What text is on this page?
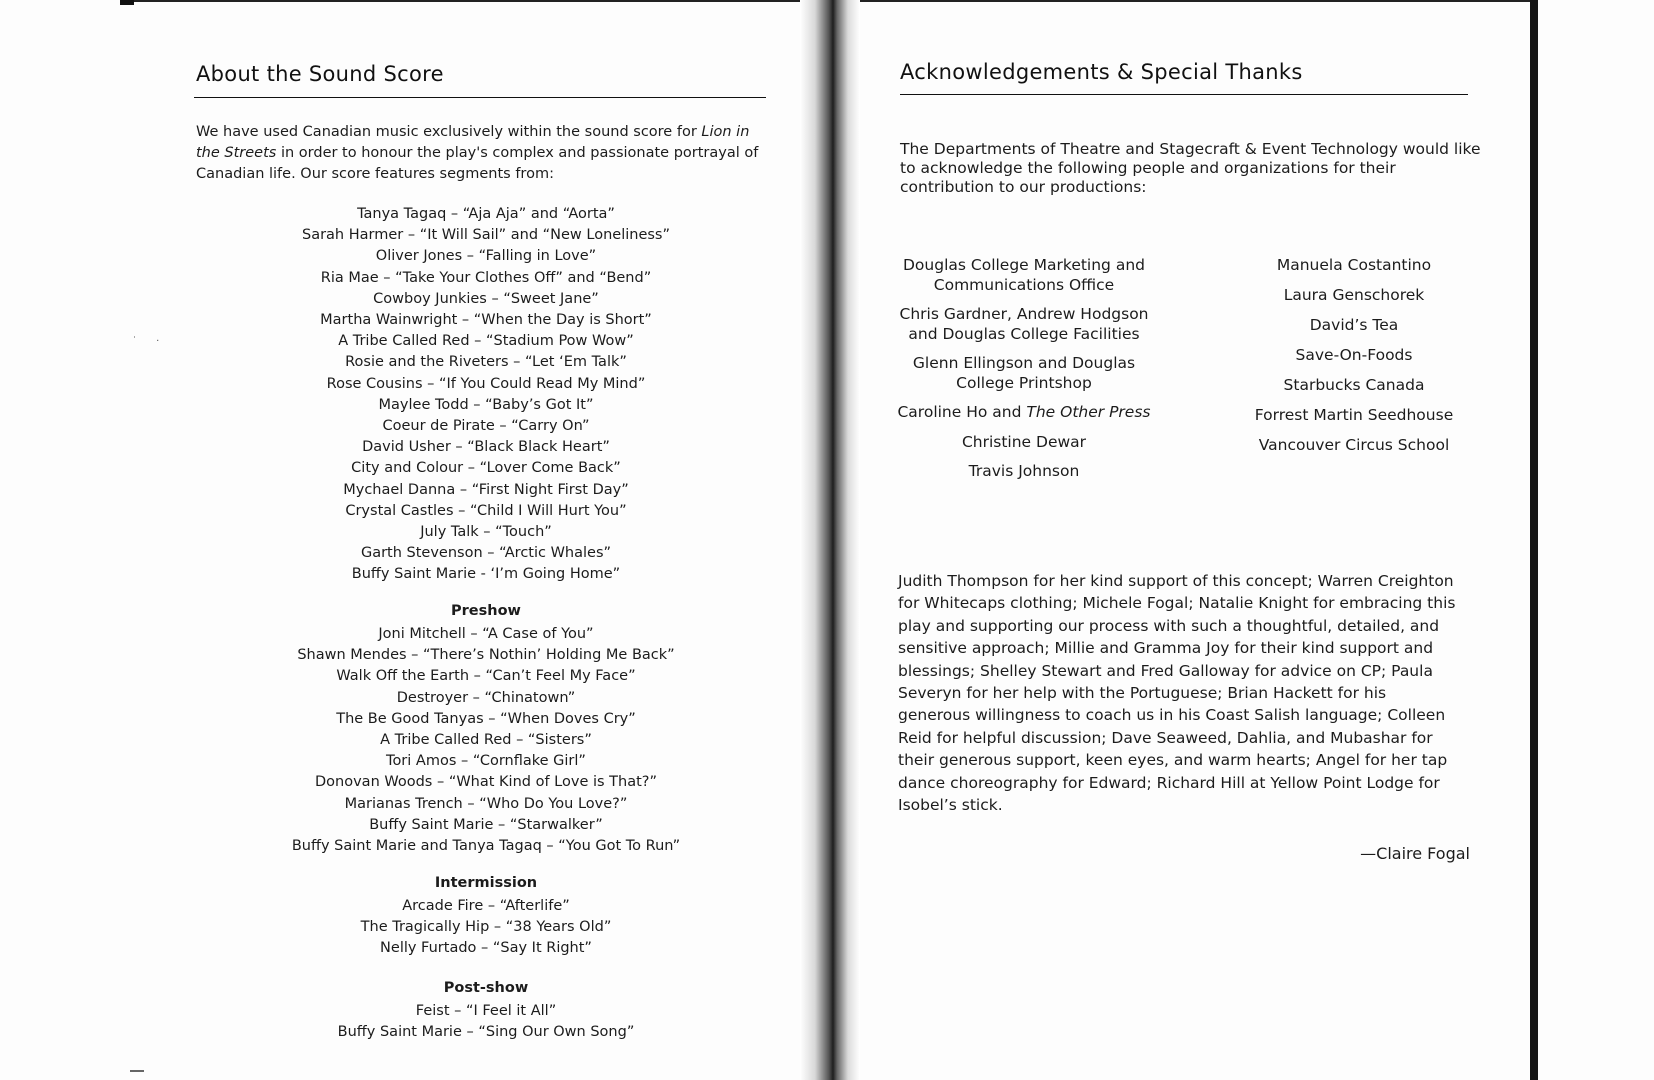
˙ ·
About the Sound Score

We have used Canadian music exclusively within the sound score for Lion in the Streets in order to honour the play's complex and passionate portrayal of Canadian life. Our score features segments from:

Tanya Tagaq – “Aja Aja” and “Aorta”
Sarah Harmer – “It Will Sail” and “New Loneliness”
Oliver Jones – “Falling in Love”
Ria Mae – “Take Your Clothes Off” and “Bend”
Cowboy Junkies – “Sweet Jane”
Martha Wainwright – “When the Day is Short”
A Tribe Called Red – “Stadium Pow Wow”
Rosie and the Riveters – “Let ‘Em Talk”
Rose Cousins – “If You Could Read My Mind”
Maylee Todd – “Baby’s Got It”
Coeur de Pirate – “Carry On”
David Usher – “Black Black Heart”
City and Colour – “Lover Come Back”
Mychael Danna – “First Night First Day”
Crystal Castles – “Child I Will Hurt You”
July Talk – “Touch”
Garth Stevenson – “Arctic Whales”
Buffy Saint Marie - ‘I’m Going Home”
Preshow
Joni Mitchell – “A Case of You”
Shawn Mendes – “There’s Nothin’ Holding Me Back”
Walk Off the Earth – “Can’t Feel My Face”
Destroyer – “Chinatown”
The Be Good Tanyas – “When Doves Cry”
A Tribe Called Red – “Sisters”
Tori Amos – “Cornflake Girl”
Donovan Woods – “What Kind of Love is That?”
Marianas Trench – “Who Do You Love?”
Buffy Saint Marie – “Starwalker”
Buffy Saint Marie and Tanya Tagaq – “You Got To Run”
Intermission
Arcade Fire – “Afterlife”
The Tragically Hip – “38 Years Old”
Nelly Furtado – “Say It Right”
Post-show
Feist – “I Feel it All”
Buffy Saint Marie – “Sing Our Own Song”
Acknowledgements & Special Thanks

The Departments of Theatre and Stagecraft & Event Technology would like to acknowledge the following people and organizations for their contribution to our productions:

Douglas College Marketing and Communications Office
Chris Gardner, Andrew Hodgson and Douglas College Facilities
Glenn Ellingson and Douglas College Printshop
Caroline Ho and The Other Press
Christine Dewar
Travis Johnson
Manuela Costantino
Laura Genschorek
David’s Tea
Save-On-Foods
Starbucks Canada
Forrest Martin Seedhouse
Vancouver Circus School

Judith Thompson for her kind support of this concept; Warren Creighton for Whitecaps clothing; Michele Fogal; Natalie Knight for embracing this play and supporting our process with such a thoughtful, detailed, and sensitive approach; Millie and Gramma Joy for their kind support and blessings; Shelley Stewart and Fred Galloway for advice on CP; Paula Severyn for her help with the Portuguese; Brian Hackett for his generous willingness to coach us in his Coast Salish language; Colleen Reid for helpful discussion; Dave Seaweed, Dahlia, and Mubashar for their generous support, keen eyes, and warm hearts; Angel for her tap dance choreography for Edward; Richard Hill at Yellow Point Lodge for Isobel’s stick.

—Claire Fogal
